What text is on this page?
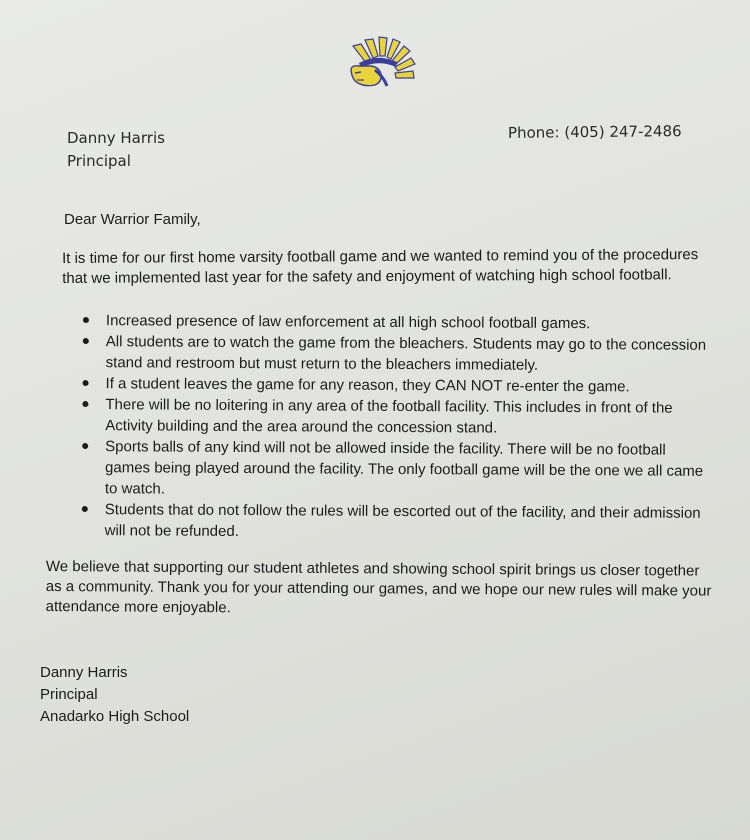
Danny Harris
Principal
Phone: (405) 247-2486
Dear Warrior Family,
It is time for our first home varsity football game and we wanted to remind you of the procedures that we implemented last year for the safety and enjoyment of watching high school football.
Increased presence of law enforcement at all high school football games.
All students are to watch the game from the bleachers. Students may go to the concession stand and restroom but must return to the bleachers immediately.
If a student leaves the game for any reason, they CAN NOT re-enter the game.
There will be no loitering in any area of the football facility. This includes in front of the Activity building and the area around the concession stand.
Sports balls of any kind will not be allowed inside the facility. There will be no football games being played around the facility. The only football game will be the one we all came to watch.
Students that do not follow the rules will be escorted out of the facility, and their admission will not be refunded.
We believe that supporting our student athletes and showing school spirit brings us closer together as a community. Thank you for your attending our games, and we hope our new rules will make your attendance more enjoyable.
Danny Harris
Principal
Anadarko High School
